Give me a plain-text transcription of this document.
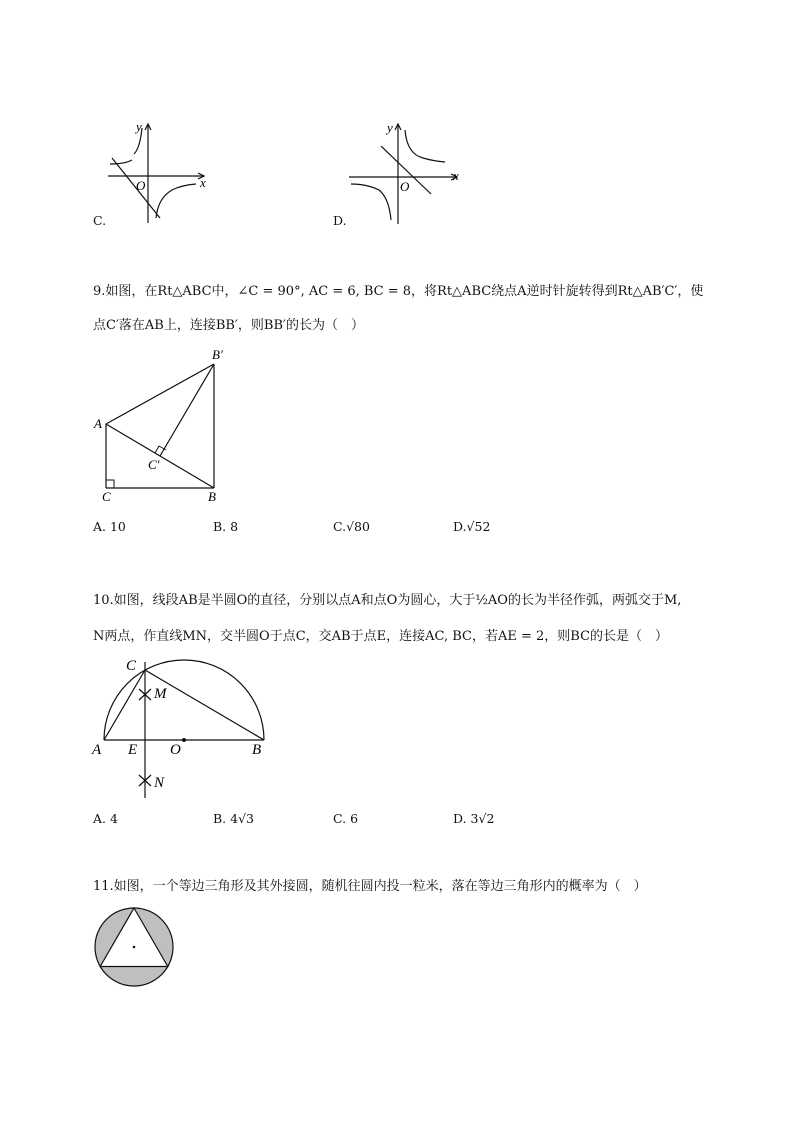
x
y
O
C.
x
y
O
D.
9.如图，在Rt△ABC中，∠C = 90°, AC = 6, BC = 8，将Rt△ABC绕点A逆时针旋转得到Rt△AB′C′，使
点C′落在AB上，连接BB′，则BB′的长为（　）
A
C	B
B′
C′
A. 10	B. 8	C.√80	D.√52
10.如图，线段AB是半圆O的直径，分别以点A和点O为圆心，大于½AO的长为半径作弧，两弧交于M,
N两点，作直线MN，交半圆O于点C，交AB于点E，连接AC, BC，若AE = 2，则BC的长是（　）
C
M
A E O	B
N
A. 4	B. 4√3	C. 6	D. 3√2
11.如图，一个等边三角形及其外接圆，随机往圆内投一粒米，落在等边三角形内的概率为（　）
